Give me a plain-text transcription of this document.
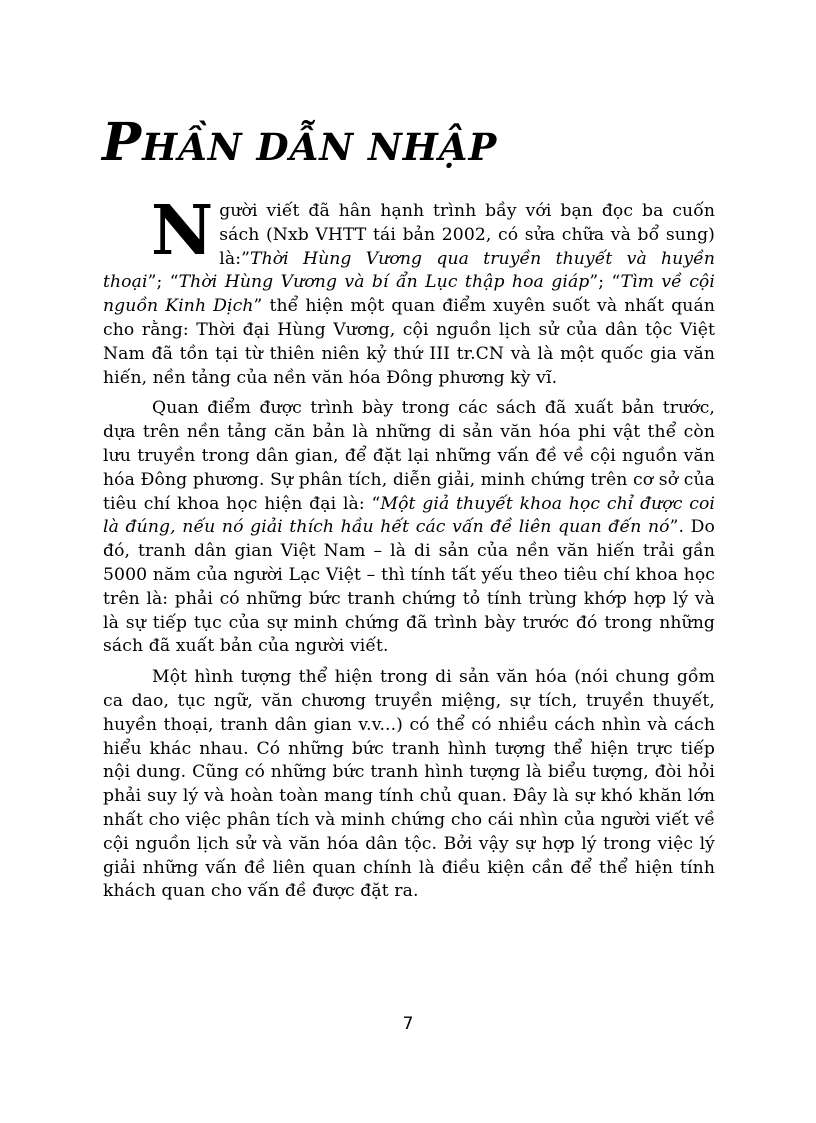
PHẦN DẪN NHẬP

Người viết đã hân hạnh trình bầy với bạn đọc ba cuốn sách (Nxb VHTT tái bản 2002, có sửa chữa và bổ sung) là:”Thời Hùng Vương qua truyền thuyết và huyền thoại”; “Thời Hùng Vương và bí ẩn Lục thập hoa giáp”; “Tìm về cội nguồn Kinh Dịch” thể hiện một quan điểm xuyên suốt và nhất quán cho rằng: Thời đại Hùng Vương, cội nguồn lịch sử của dân tộc Việt Nam đã tồn tại từ thiên niên kỷ thứ III tr.CN và là một quốc gia văn hiến, nền tảng của nền văn hóa Đông phương kỳ vĩ.

Quan điểm được trình bày trong các sách đã xuất bản trước, dựa trên nền tảng căn bản là những di sản văn hóa phi vật thể còn lưu truyền trong dân gian, để đặt lại những vấn đề về cội nguồn văn hóa Đông phương. Sự phân tích, diễn giải, minh chứng trên cơ sở của tiêu chí khoa học hiện đại là: “Một giả thuyết khoa học chỉ được coi là đúng, nếu nó giải thích hầu hết các vấn đề liên quan đến nó”. Do đó, tranh dân gian Việt Nam – là di sản của nền văn hiến trải gần 5000 năm của người Lạc Việt – thì tính tất yếu theo tiêu chí khoa học trên là: phải có những bức tranh chứng tỏ tính trùng khớp hợp lý và là sự tiếp tục của sự minh chứng đã trình bày trước đó trong những sách đã xuất bản của người viết.

Một hình tượng thể hiện trong di sản văn hóa (nói chung gồm ca dao, tục ngữ, văn chương truyền miệng, sự tích, truyền thuyết, huyền thoại, tranh dân gian v.v...) có thể có nhiều cách nhìn và cách hiểu khác nhau. Có những bức tranh hình tượng thể hiện trực tiếp nội dung. Cũng có những bức tranh hình tượng là biểu tượng, đòi hỏi phải suy lý và hoàn toàn mang tính chủ quan. Đây là sự khó khăn lớn nhất cho việc phân tích và minh chứng cho cái nhìn của người viết về cội nguồn lịch sử và văn hóa dân tộc. Bởi vậy sự hợp lý trong việc lý giải những vấn đề liên quan chính là điều kiện cần để thể hiện tính khách quan cho vấn đề được đặt ra.

7
